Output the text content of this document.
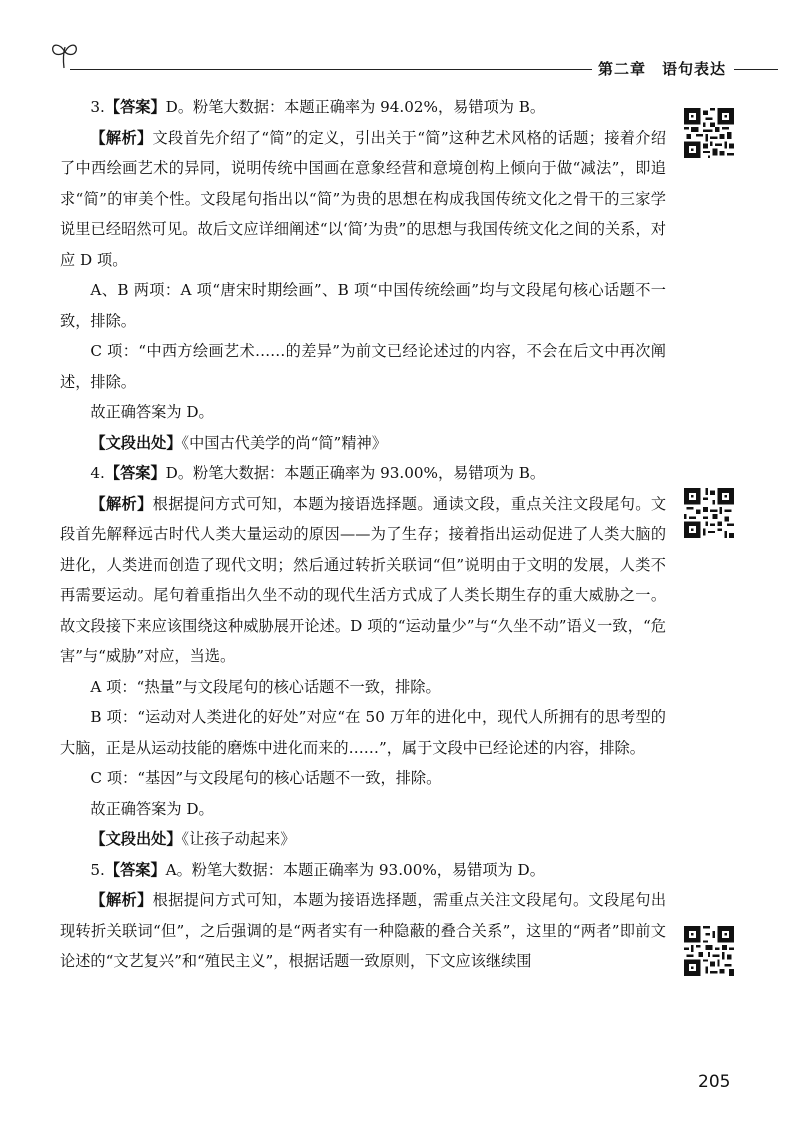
第二章 语句表达

3.【答案】D。粉笔大数据：本题正确率为 94.02%，易错项为 B。

【解析】文段首先介绍了“简”的定义，引出关于“简”这种艺术风格的话题；接着介绍了中西绘画艺术的异同，说明传统中国画在意象经营和意境创构上倾向于做“减法”，即追求“简”的审美个性。文段尾句指出以“简”为贵的思想在构成我国传统文化之骨干的三家学说里已经昭然可见。故后文应详细阐述“以‘简’为贵”的思想与我国传统文化之间的关系，对应 D 项。

A、B 两项：A 项“唐宋时期绘画”、B 项“中国传统绘画”均与文段尾句核心话题不一致，排除。

C 项：“中西方绘画艺术……的差异”为前文已经论述过的内容，不会在后文中再次阐述，排除。

故正确答案为 D。

【文段出处】《中国古代美学的尚“简”精神》

4.【答案】D。粉笔大数据：本题正确率为 93.00%，易错项为 B。

【解析】根据提问方式可知，本题为接语选择题。通读文段，重点关注文段尾句。文段首先解释远古时代人类大量运动的原因——为了生存；接着指出运动促进了人类大脑的进化，人类进而创造了现代文明；然后通过转折关联词“但”说明由于文明的发展，人类不再需要运动。尾句着重指出久坐不动的现代生活方式成了人类长期生存的重大威胁之一。故文段接下来应该围绕这种威胁展开论述。D 项的“运动量少”与“久坐不动”语义一致，“危害”与“威胁”对应，当选。

A 项：“热量”与文段尾句的核心话题不一致，排除。

B 项：“运动对人类进化的好处”对应“在 50 万年的进化中，现代人所拥有的思考型的大脑，正是从运动技能的磨炼中进化而来的……”，属于文段中已经论述的内容，排除。

C 项：“基因”与文段尾句的核心话题不一致，排除。

故正确答案为 D。

【文段出处】《让孩子动起来》

5.【答案】A。粉笔大数据：本题正确率为 93.00%，易错项为 D。

【解析】根据提问方式可知，本题为接语选择题，需重点关注文段尾句。文段尾句出现转折关联词“但”，之后强调的是“两者实有一种隐蔽的叠合关系”，这里的“两者”即前文论述的“文艺复兴”和“殖民主义”，根据话题一致原则，下文应该继续围

205
